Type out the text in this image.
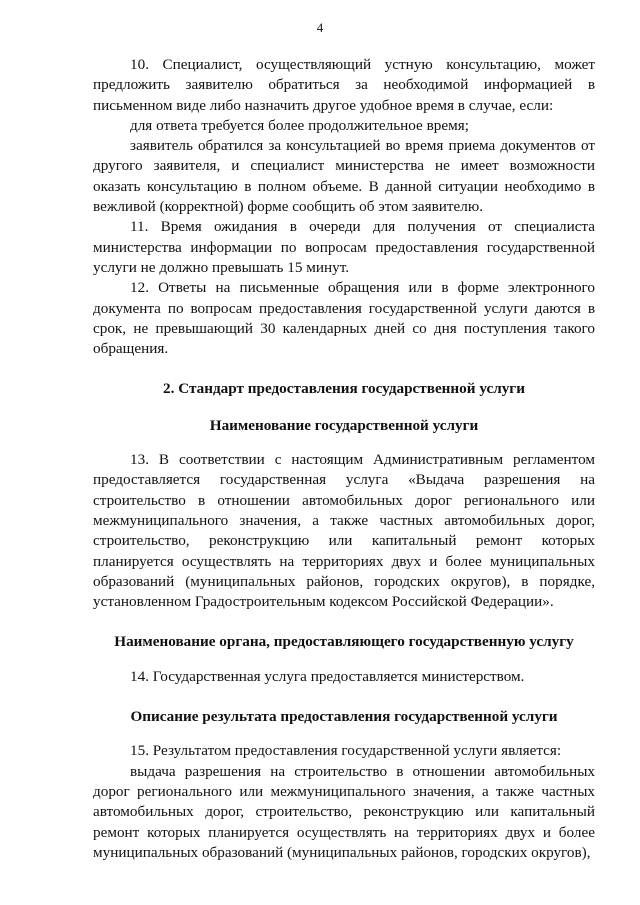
4

10. Специалист, осуществляющий устную консультацию, может предложить заявителю обратиться за необходимой информацией в письменном виде либо назначить другое удобное время в случае, если:

для ответа требуется более продолжительное время;

заявитель обратился за консультацией во время приема документов от другого заявителя, и специалист министерства не имеет возможности оказать консультацию в полном объеме. В данной ситуации необходимо в вежливой (корректной) форме сообщить об этом заявителю.

11. Время ожидания в очереди для получения от специалиста министерства информации по вопросам предоставления государственной услуги не должно превышать 15 минут.

12. Ответы на письменные обращения или в форме электронного документа по вопросам предоставления государственной услуги даются в срок, не превышающий 30 календарных дней со дня поступления такого обращения.

2. Стандарт предоставления государственной услуги

Наименование государственной услуги

13. В соответствии с настоящим Административным регламентом предоставляется государственная услуга «Выдача разрешения на строительство в отношении автомобильных дорог регионального или межмуниципального значения, а также частных автомобильных дорог, строительство, реконструкцию или капитальный ремонт которых планируется осуществлять на территориях двух и более муниципальных образований (муниципальных районов, городских округов), в порядке, установленном Градостроительным кодексом Российской Федерации».

Наименование органа, предоставляющего государственную услугу

14. Государственная услуга предоставляется министерством.

Описание результата предоставления государственной услуги

15. Результатом предоставления государственной услуги является:

выдача разрешения на строительство в отношении автомобильных дорог регионального или межмуниципального значения, а также частных автомобильных дорог, строительство, реконструкцию или капитальный ремонт которых планируется осуществлять на территориях двух и более муниципальных образований (муниципальных районов, городских округов),
